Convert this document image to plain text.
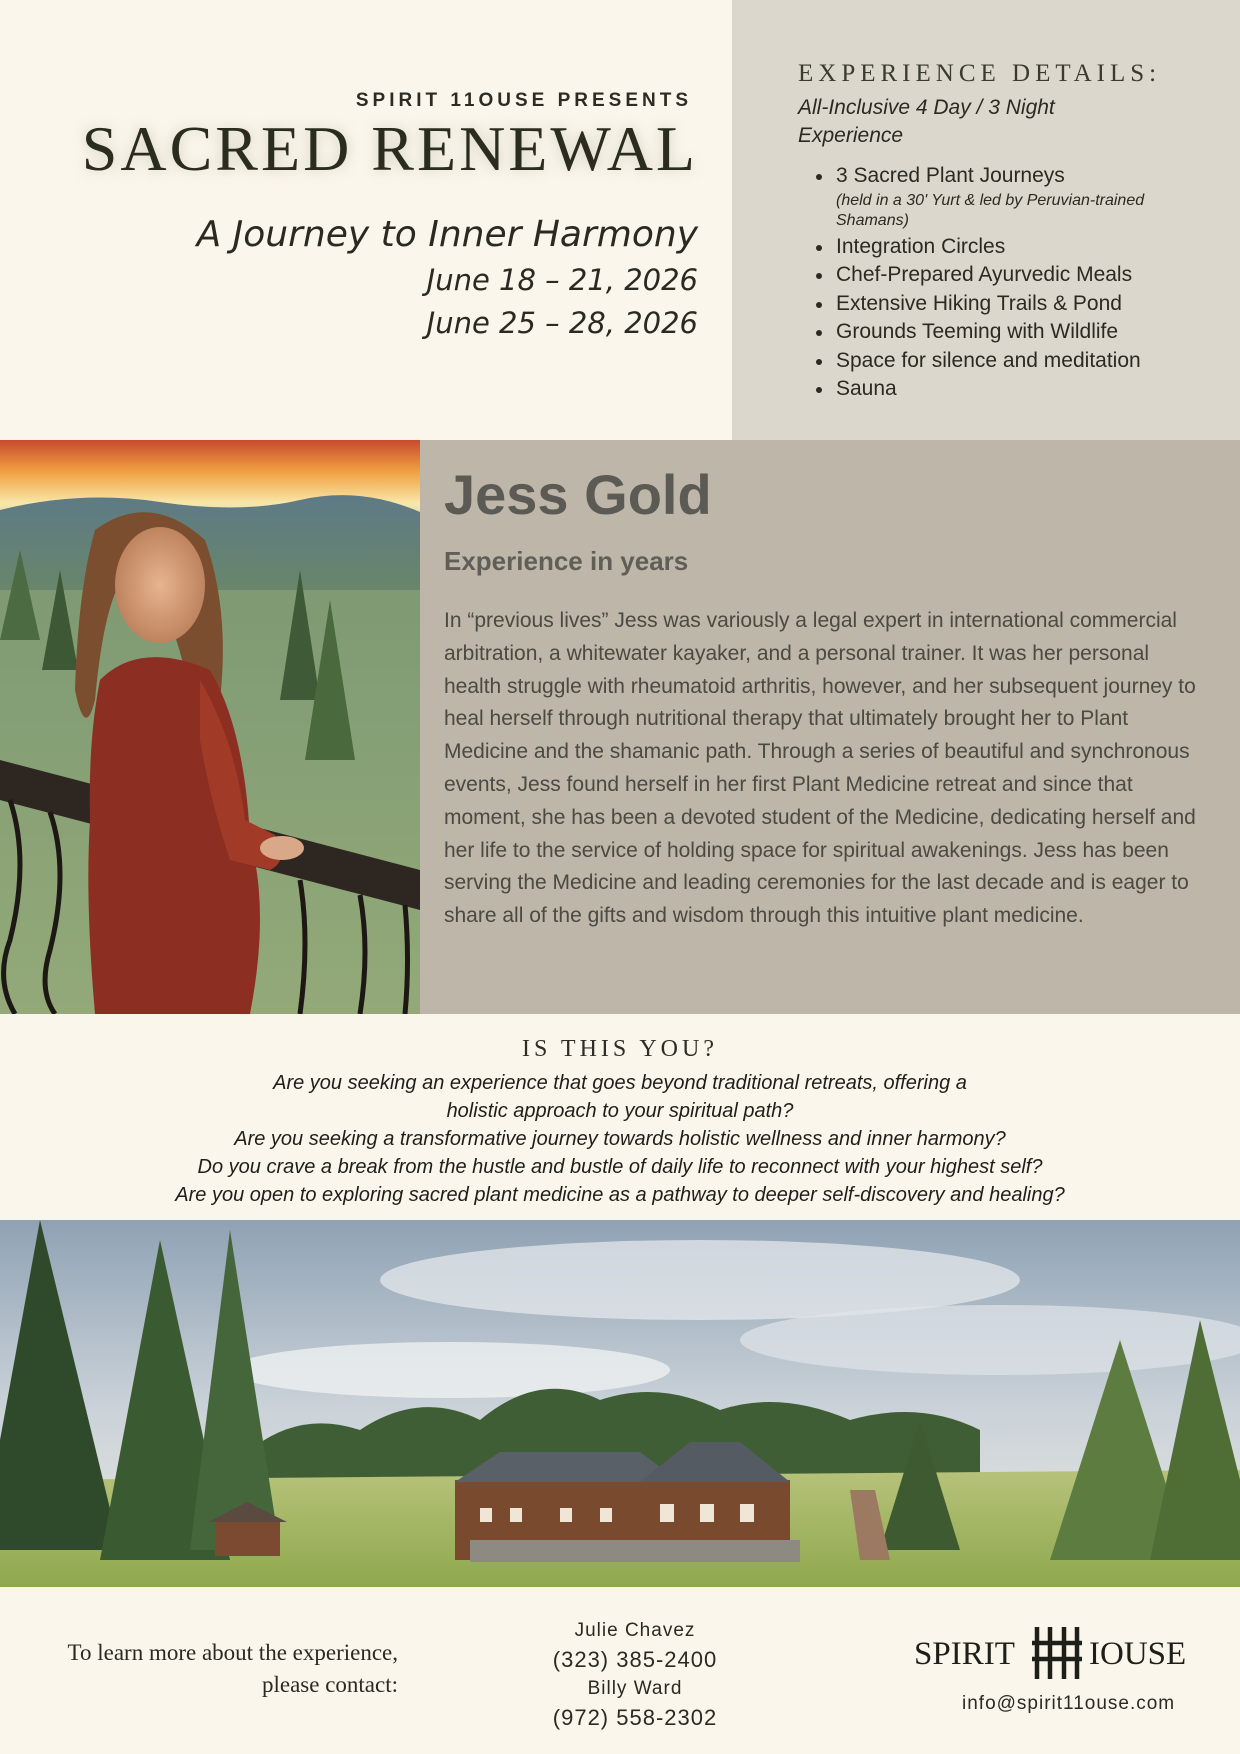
SPIRIT 11OUSE PRESENTS
SACRED RENEWAL
A Journey to Inner Harmony
June 18 – 21, 2026
June 25 – 28, 2026
EXPERIENCE DETAILS:
All-Inclusive 4 Day / 3 Night Experience
3 Sacred Plant Journeys
(held in a 30' Yurt & led by Peruvian-trained Shamans)
Integration Circles
Chef-Prepared Ayurvedic Meals
Extensive Hiking Trails & Pond
Grounds Teeming with Wildlife
Space for silence and meditation
Sauna
Jess Gold
Experience in years

In “previous lives” Jess was variously a legal expert in international commercial arbitration, a whitewater kayaker, and a personal trainer. It was her personal health struggle with rheumatoid arthritis, however, and her subsequent journey to heal herself through nutritional therapy that ultimately brought her to Plant Medicine and the shamanic path. Through a series of beautiful and synchronous events, Jess found herself in her first Plant Medicine retreat and since that moment, she has been a devoted student of the Medicine, dedicating herself and her life to the service of holding space for spiritual awakenings. Jess has been serving the Medicine and leading ceremonies for the last decade and is eager to share all of the gifts and wisdom through this intuitive plant medicine.

IS THIS YOU?
Are you seeking an experience that goes beyond traditional retreats, offering a
holistic approach to your spiritual path?
Are you seeking a transformative journey towards holistic wellness and inner harmony?
Do you crave a break from the hustle and bustle of daily life to reconnect with your highest self?
Are you open to exploring sacred plant medicine as a pathway to deeper self-discovery and healing?
To learn more about the experience,
please contact:
Julie Chavez
(323) 385-2400
Billy Ward
(972) 558-2302
SPIRIT IOUSE
info@spirit11ouse.com
